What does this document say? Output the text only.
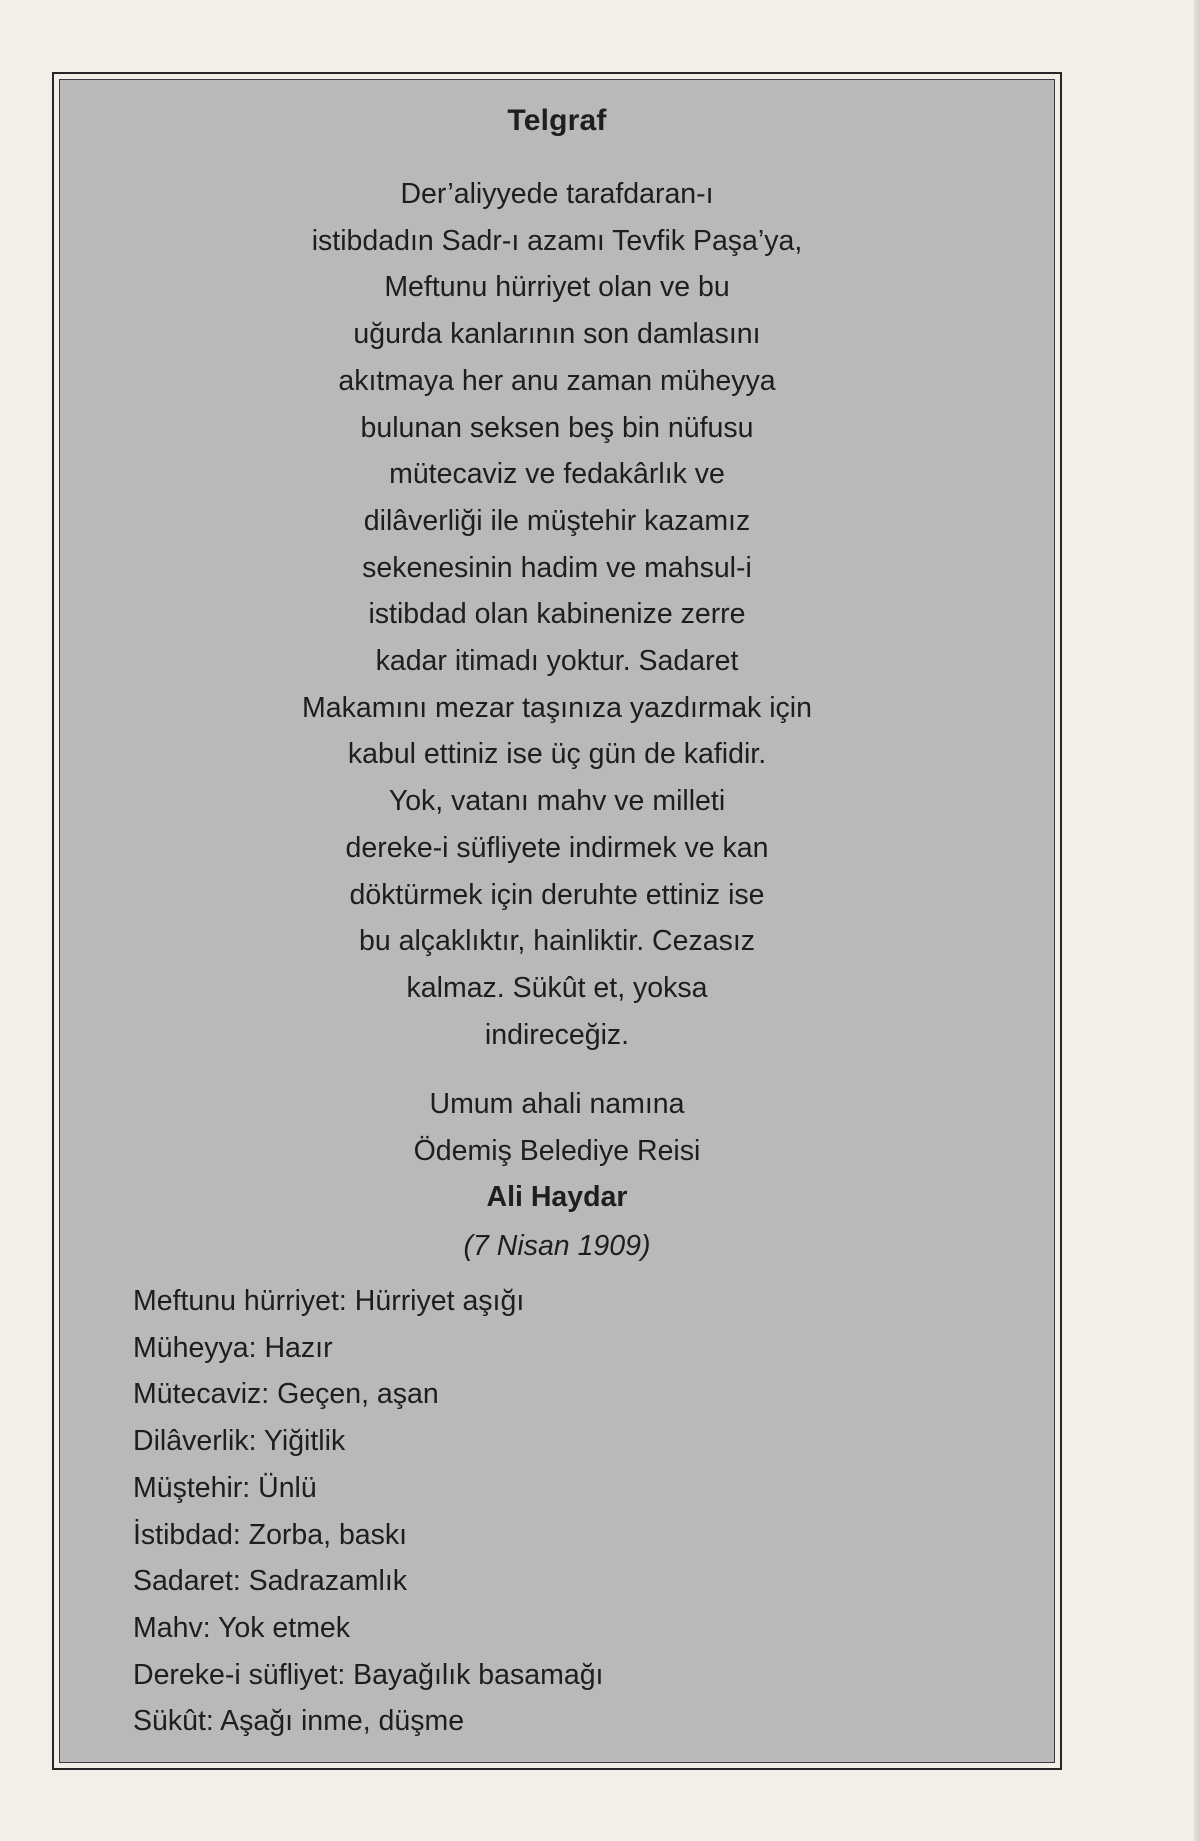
Telgraf
Der’aliyyede tarafdaran-ı
istibdadın Sadr-ı azamı Tevfik Paşa’ya,
Meftunu hürriyet olan ve bu
uğurda kanlarının son damlasını
akıtmaya her anu zaman müheyya
bulunan seksen beş bin nüfusu
mütecaviz ve fedakârlık ve
dilâverliği ile müştehir kazamız
sekenesinin hadim ve mahsul-i
istibdad olan kabinenize zerre
kadar itimadı yoktur. Sadaret
Makamını mezar taşınıza yazdırmak için
kabul ettiniz ise üç gün de kafidir.
Yok, vatanı mahv ve milleti
dereke-i süfliyete indirmek ve kan
döktürmek için deruhte ettiniz ise
bu alçaklıktır, hainliktir. Cezasız
kalmaz. Sükût et, yoksa
indireceğiz.
Umum ahali namına
Ödemiş Belediye Reisi
Ali Haydar
(7 Nisan 1909)
Meftunu hürriyet: Hürriyet aşığı
Müheyya: Hazır
Mütecaviz: Geçen, aşan
Dilâverlik: Yiğitlik
Müştehir: Ünlü
İstibdad: Zorba, baskı
Sadaret: Sadrazamlık
Mahv: Yok etmek
Dereke-i süfliyet: Bayağılık basamağı
Sükût: Aşağı inme, düşme
